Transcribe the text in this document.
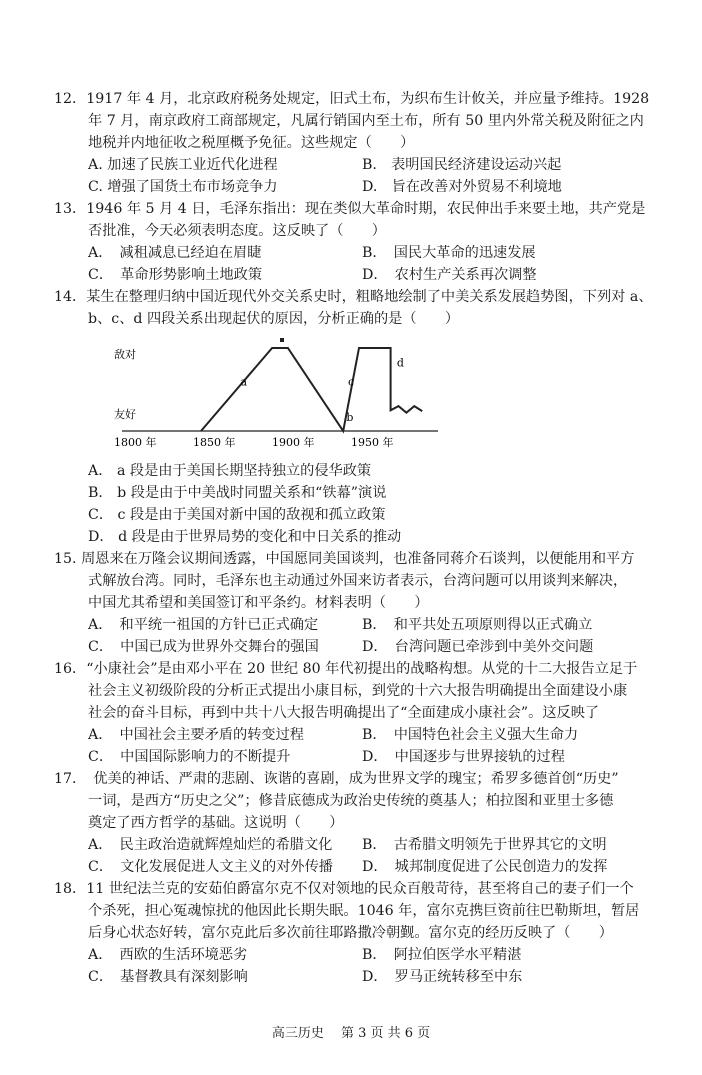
12．1917 年 4 月，北京政府税务处规定，旧式土布，为织布生计攸关，并应量予维持。1928
年 7 月，南京政府工商部规定，凡属行销国内至土布，所有 50 里内外常关税及附征之内
地税并内地征收之税厘概予免征。这些规定（　　）
A. 加速了民族工业近代化进程	B.　表明国民经济建设运动兴起
C. 增强了国货土布市场竞争力	D.　旨在改善对外贸易不利境地
13．1946 年 5 月 4 日，毛泽东指出：现在类似大革命时期，农民伸出手来要土地，共产党是
否批准，今天必须表明态度。这反映了（　　）
A．　减租减息已经迫在眉睫	B．　国民大革命的迅速发展
C．　革命形势影响土地政策	D．　农村生产关系再次调整
14．某生在整理归纳中国近现代外交关系史时，粗略地绘制了中美关系发展趋势图，下列对 a、
b、c、d 四段关系出现起伏的原因，分析正确的是（　　）
敌对
友好
1800 年	1850 年	1900 年	1950 年
a
b
c
d
A． a 段是由于美国长期坚持独立的侵华政策
B． b 段是由于中美战时同盟关系和“铁幕”演说
C． c 段是由于美国对新中国的敌视和孤立政策
D． d 段是由于世界局势的变化和中日关系的推动
15. 周恩来在万隆会议期间透露，中国愿同美国谈判，也准备同蒋介石谈判，以便能用和平方
式解放台湾。同时，毛泽东也主动通过外国来访者表示，台湾问题可以用谈判来解决，
中国尤其希望和美国签订和平条约。材料表明（　　）
A．　和平统一祖国的方针已正式确定	B．　和平共处五项原则得以正式确立
C．　中国已成为世界外交舞台的强国	D．　台湾问题已牵涉到中美外交问题
16．“小康社会”是由邓小平在 20 世纪 80 年代初提出的战略构想。从党的十二大报告立足于
社会主义初级阶段的分析正式提出小康目标，到党的十六大报告明确提出全面建设小康
社会的奋斗目标，再到中共十八大报告明确提出了“全面建成小康社会”。这反映了
A．　中国社会主要矛盾的转变过程	B．　中国特色社会主义强大生命力
C．　中国国际影响力的不断提升	D．　中国逐步与世界接轨的过程
17．　优美的神话、严肃的悲剧、诙谐的喜剧，成为世界文学的瑰宝；希罗多德首创“历史”
一词，是西方“历史之父”；修昔底德成为政治史传统的奠基人；柏拉图和亚里士多德
奠定了西方哲学的基础。这说明（　　）
A．　民主政治造就辉煌灿烂的希腊文化 B．　古希腊文明领先于世界其它的文明
C．　文化发展促进人文主义的对外传播 D．　城邦制度促进了公民创造力的发挥
18．11 世纪法兰克的安茹伯爵富尔克不仅对领地的民众百般苛待，甚至将自己的妻子们一个
个杀死，担心冤魂惊扰的他因此长期失眠。1046 年，富尔克携巨资前往巴勒斯坦，暂居
后身心状态好转，富尔克此后多次前往耶路撒冷朝觐。富尔克的经历反映了（　　）
A．　西欧的生活环境恶劣	B．　阿拉伯医学水平精湛
C．　基督教具有深刻影响	D．　罗马正统转移至中东
高三历史　 第 3 页 共 6 页
